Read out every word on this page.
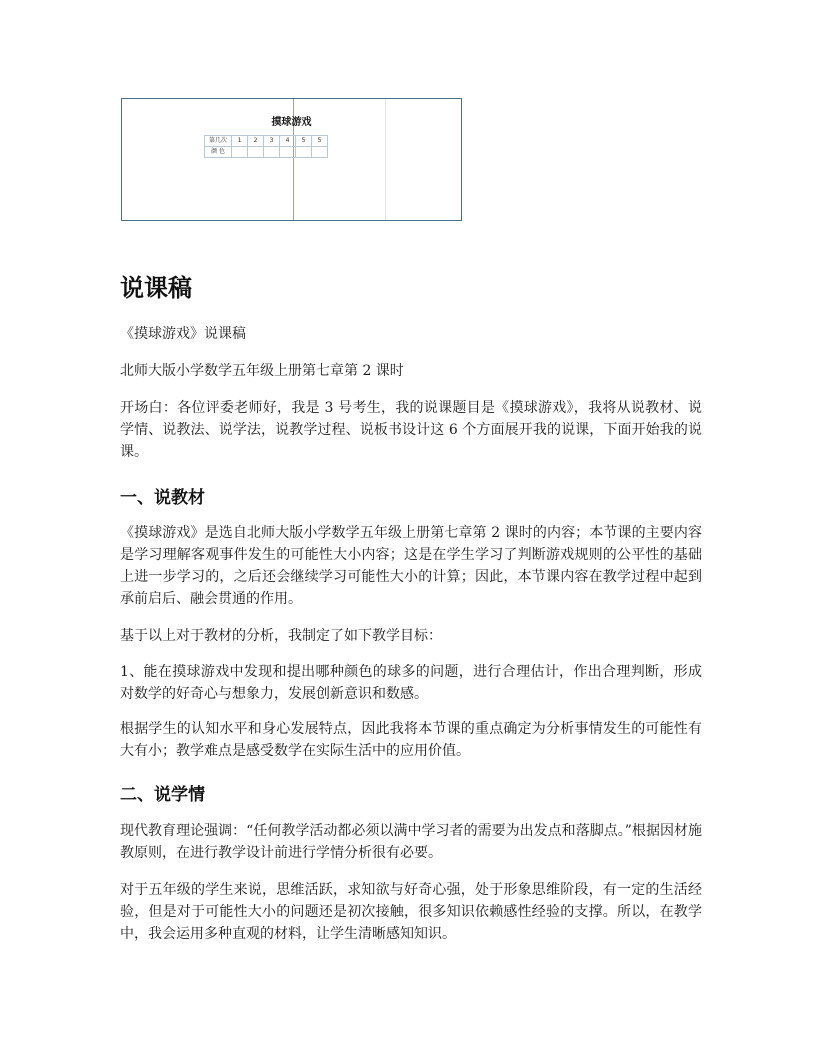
摸球游戏
第几次	1	2	3	4	5	5
颜 色						
说课稿

《摸球游戏》说课稿

北师大版小学数学五年级上册第七章第 2 课时

开场白：各位评委老师好，我是 3 号考生，我的说课题目是《摸球游戏》，我将从说教材、说学情、说教法、说学法，说教学过程、说板书设计这 6 个方面展开我的说课，下面开始我的说课。

一、说教材

《摸球游戏》是选自北师大版小学数学五年级上册第七章第 2 课时的内容；本节课的主要内容是学习理解客观事件发生的可能性大小内容；这是在学生学习了判断游戏规则的公平性的基础上进一步学习的，之后还会继续学习可能性大小的计算；因此，本节课内容在教学过程中起到承前启后、融会贯通的作用。

基于以上对于教材的分析，我制定了如下教学目标：

1、能在摸球游戏中发现和提出哪种颜色的球多的问题，进行合理估计，作出合理判断，形成对数学的好奇心与想象力，发展创新意识和数感。

根据学生的认知水平和身心发展特点，因此我将本节课的重点确定为分析事情发生的可能性有大有小；教学难点是感受数学在实际生活中的应用价值。

二、说学情

现代教育理论强调：“任何教学活动都必须以满中学习者的需要为出发点和落脚点。”根据因材施教原则，在进行教学设计前进行学情分析很有必要。

对于五年级的学生来说，思维活跃，求知欲与好奇心强，处于形象思维阶段，有一定的生活经验，但是对于可能性大小的问题还是初次接触，很多知识依赖感性经验的支撑。所以，在教学中，我会运用多种直观的材料，让学生清晰感知知识。
